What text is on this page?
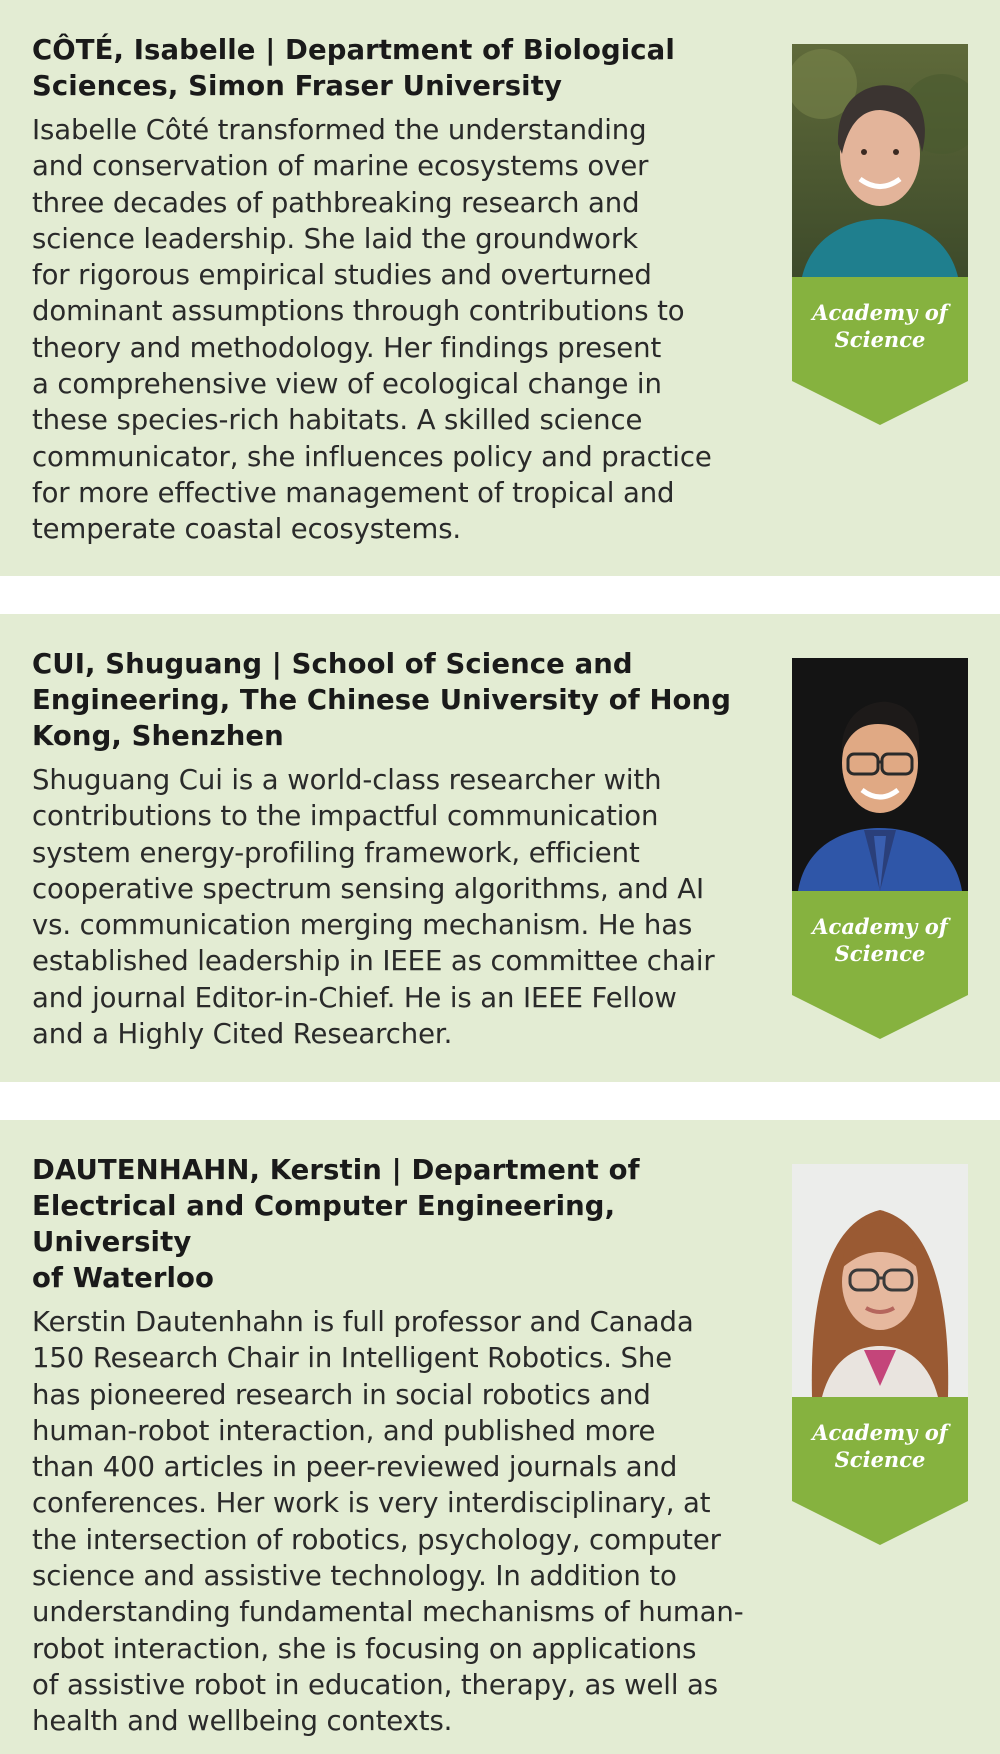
CÔTÉ, Isabelle | Department of Biological
Sciences, Simon Fraser University

Isabelle Côté transformed the understanding
and conservation of marine ecosystems over
three decades of pathbreaking research and
science leadership. She laid the groundwork
for rigorous empirical studies and overturned
dominant assumptions through contributions to
theory and methodology. Her findings present
a comprehensive view of ecological change in
these species-rich habitats. A skilled science
communicator, she influences policy and practice
for more effective management of tropical and
temperate coastal ecosystems.

Academy of
Science
CUI, Shuguang | School of Science and
Engineering, The Chinese University of Hong
Kong, Shenzhen

Shuguang Cui is a world-class researcher with
contributions to the impactful communication
system energy-profiling framework, efficient
cooperative spectrum sensing algorithms, and AI
vs. communication merging mechanism. He has
established leadership in IEEE as committee chair
and journal Editor-in-Chief. He is an IEEE Fellow
and a Highly Cited Researcher.

Academy of
Science
DAUTENHAHN, Kerstin | Department of
Electrical and Computer Engineering, University
of Waterloo

Kerstin Dautenhahn is full professor and Canada
150 Research Chair in Intelligent Robotics. She
has pioneered research in social robotics and
human-robot interaction, and published more
than 400 articles in peer-reviewed journals and
conferences. Her work is very interdisciplinary, at
the intersection of robotics, psychology, computer
science and assistive technology. In addition to
understanding fundamental mechanisms of human-
robot interaction, she is focusing on applications
of assistive robot in education, therapy, as well as
health and wellbeing contexts.

Academy of
Science
